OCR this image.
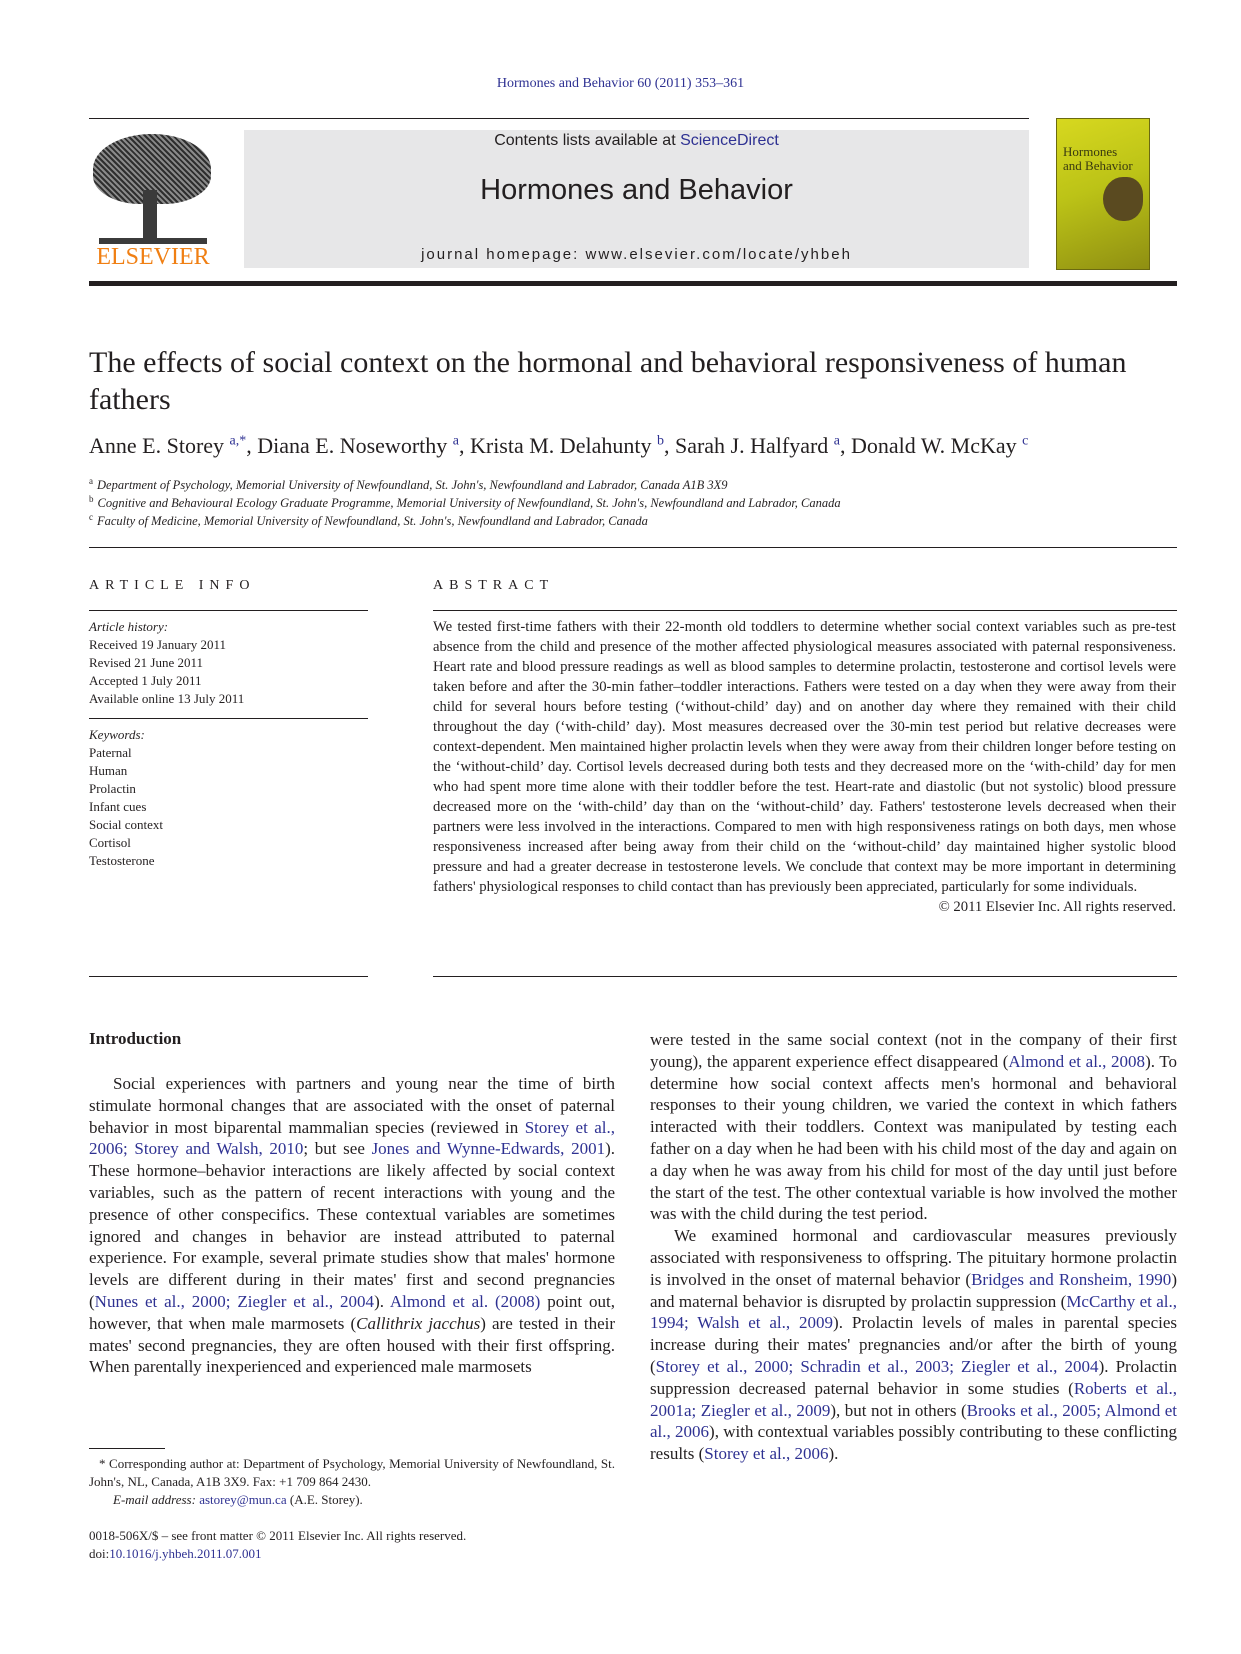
Hormones and Behavior 60 (2011) 353–361
ELSEVIER
Contents lists available at ScienceDirect
Hormones and Behavior
journal homepage: www.elsevier.com/locate/yhbeh
Hormones
and Behavior
The effects of social context on the hormonal and behavioral responsiveness of human fathers
Anne E. Storey $^{a,*}$, Diana E. Noseworthy $^a$, Krista M. Delahunty $^b$, Sarah J. Halfyard $^a$, Donald W. McKay $^c$
$^a$ Department of Psychology, Memorial University of Newfoundland, St. John's, Newfoundland and Labrador, Canada A1B 3X9
$^b$ Cognitive and Behavioural Ecology Graduate Programme, Memorial University of Newfoundland, St. John's, Newfoundland and Labrador, Canada
$^c$ Faculty of Medicine, Memorial University of Newfoundland, St. John's, Newfoundland and Labrador, Canada
ARTICLE INFO
Article history:
Received 19 January 2011
Revised 21 June 2011
Accepted 1 July 2011
Available online 13 July 2011
Keywords:
Paternal
Human
Prolactin
Infant cues
Social context
Cortisol
Testosterone
ABSTRACT
We tested first-time fathers with their 22-month old toddlers to determine whether social context variables such as pre-test absence from the child and presence of the mother affected physiological measures associated with paternal responsiveness. Heart rate and blood pressure readings as well as blood samples to determine prolactin, testosterone and cortisol levels were taken before and after the 30-min father–toddler interactions. Fathers were tested on a day when they were away from their child for several hours before testing (‘without-child’ day) and on another day where they remained with their child throughout the day (‘with-child’ day). Most measures decreased over the 30-min test period but relative decreases were context-dependent. Men maintained higher prolactin levels when they were away from their children longer before testing on the ‘without-child’ day. Cortisol levels decreased during both tests and they decreased more on the ‘with-child’ day for men who had spent more time alone with their toddler before the test. Heart-rate and diastolic (but not systolic) blood pressure decreased more on the ‘with-child’ day than on the ‘without-child’ day. Fathers' testosterone levels decreased when their partners were less involved in the interactions. Compared to men with high responsiveness ratings on both days, men whose responsiveness increased after being away from their child on the ‘without-child’ day maintained higher systolic blood pressure and had a greater decrease in testosterone levels. We conclude that context may be more important in determining fathers' physiological responses to child contact than has previously been appreciated, particularly for some individuals.
© 2011 Elsevier Inc. All rights reserved.
Introduction

Social experiences with partners and young near the time of birth stimulate hormonal changes that are associated with the onset of paternal behavior in most biparental mammalian species (reviewed in Storey et al., 2006; Storey and Walsh, 2010; but see Jones and Wynne-Edwards, 2001). These hormone–behavior interactions are likely affected by social context variables, such as the pattern of recent interactions with young and the presence of other conspecifics. These contextual variables are sometimes ignored and changes in behavior are instead attributed to paternal experience. For example, several primate studies show that males' hormone levels are different during in their mates' first and second pregnancies (Nunes et al., 2000; Ziegler et al., 2004). Almond et al. (2008) point out, however, that when male marmosets (Callithrix jacchus) are tested in their mates' second pregnancies, they are often housed with their first offspring. When parentally inexperienced and experienced male marmosets

were tested in the same social context (not in the company of their first young), the apparent experience effect disappeared (Almond et al., 2008). To determine how social context affects men's hormonal and behavioral responses to their young children, we varied the context in which fathers interacted with their toddlers. Context was manipulated by testing each father on a day when he had been with his child most of the day and again on a day when he was away from his child for most of the day until just before the start of the test. The other contextual variable is how involved the mother was with the child during the test period.

We examined hormonal and cardiovascular measures previously associated with responsiveness to offspring. The pituitary hormone prolactin is involved in the onset of maternal behavior (Bridges and Ronsheim, 1990) and maternal behavior is disrupted by prolactin suppression (McCarthy et al., 1994; Walsh et al., 2009). Prolactin levels of males in parental species increase during their mates' pregnancies and/or after the birth of young (Storey et al., 2000; Schradin et al., 2003; Ziegler et al., 2004). Prolactin suppression decreased paternal behavior in some studies (Roberts et al., 2001a; Ziegler et al., 2009), but not in others (Brooks et al., 2005; Almond et al., 2006), with contextual variables possibly contributing to these conflicting results (Storey et al., 2006).

* Corresponding author at: Department of Psychology, Memorial University of Newfoundland, St. John's, NL, Canada, A1B 3X9. Fax: +1 709 864 2430.
E-mail address: astorey@mun.ca (A.E. Storey).
0018-506X/$ – see front matter © 2011 Elsevier Inc. All rights reserved.
doi:10.1016/j.yhbeh.2011.07.001
